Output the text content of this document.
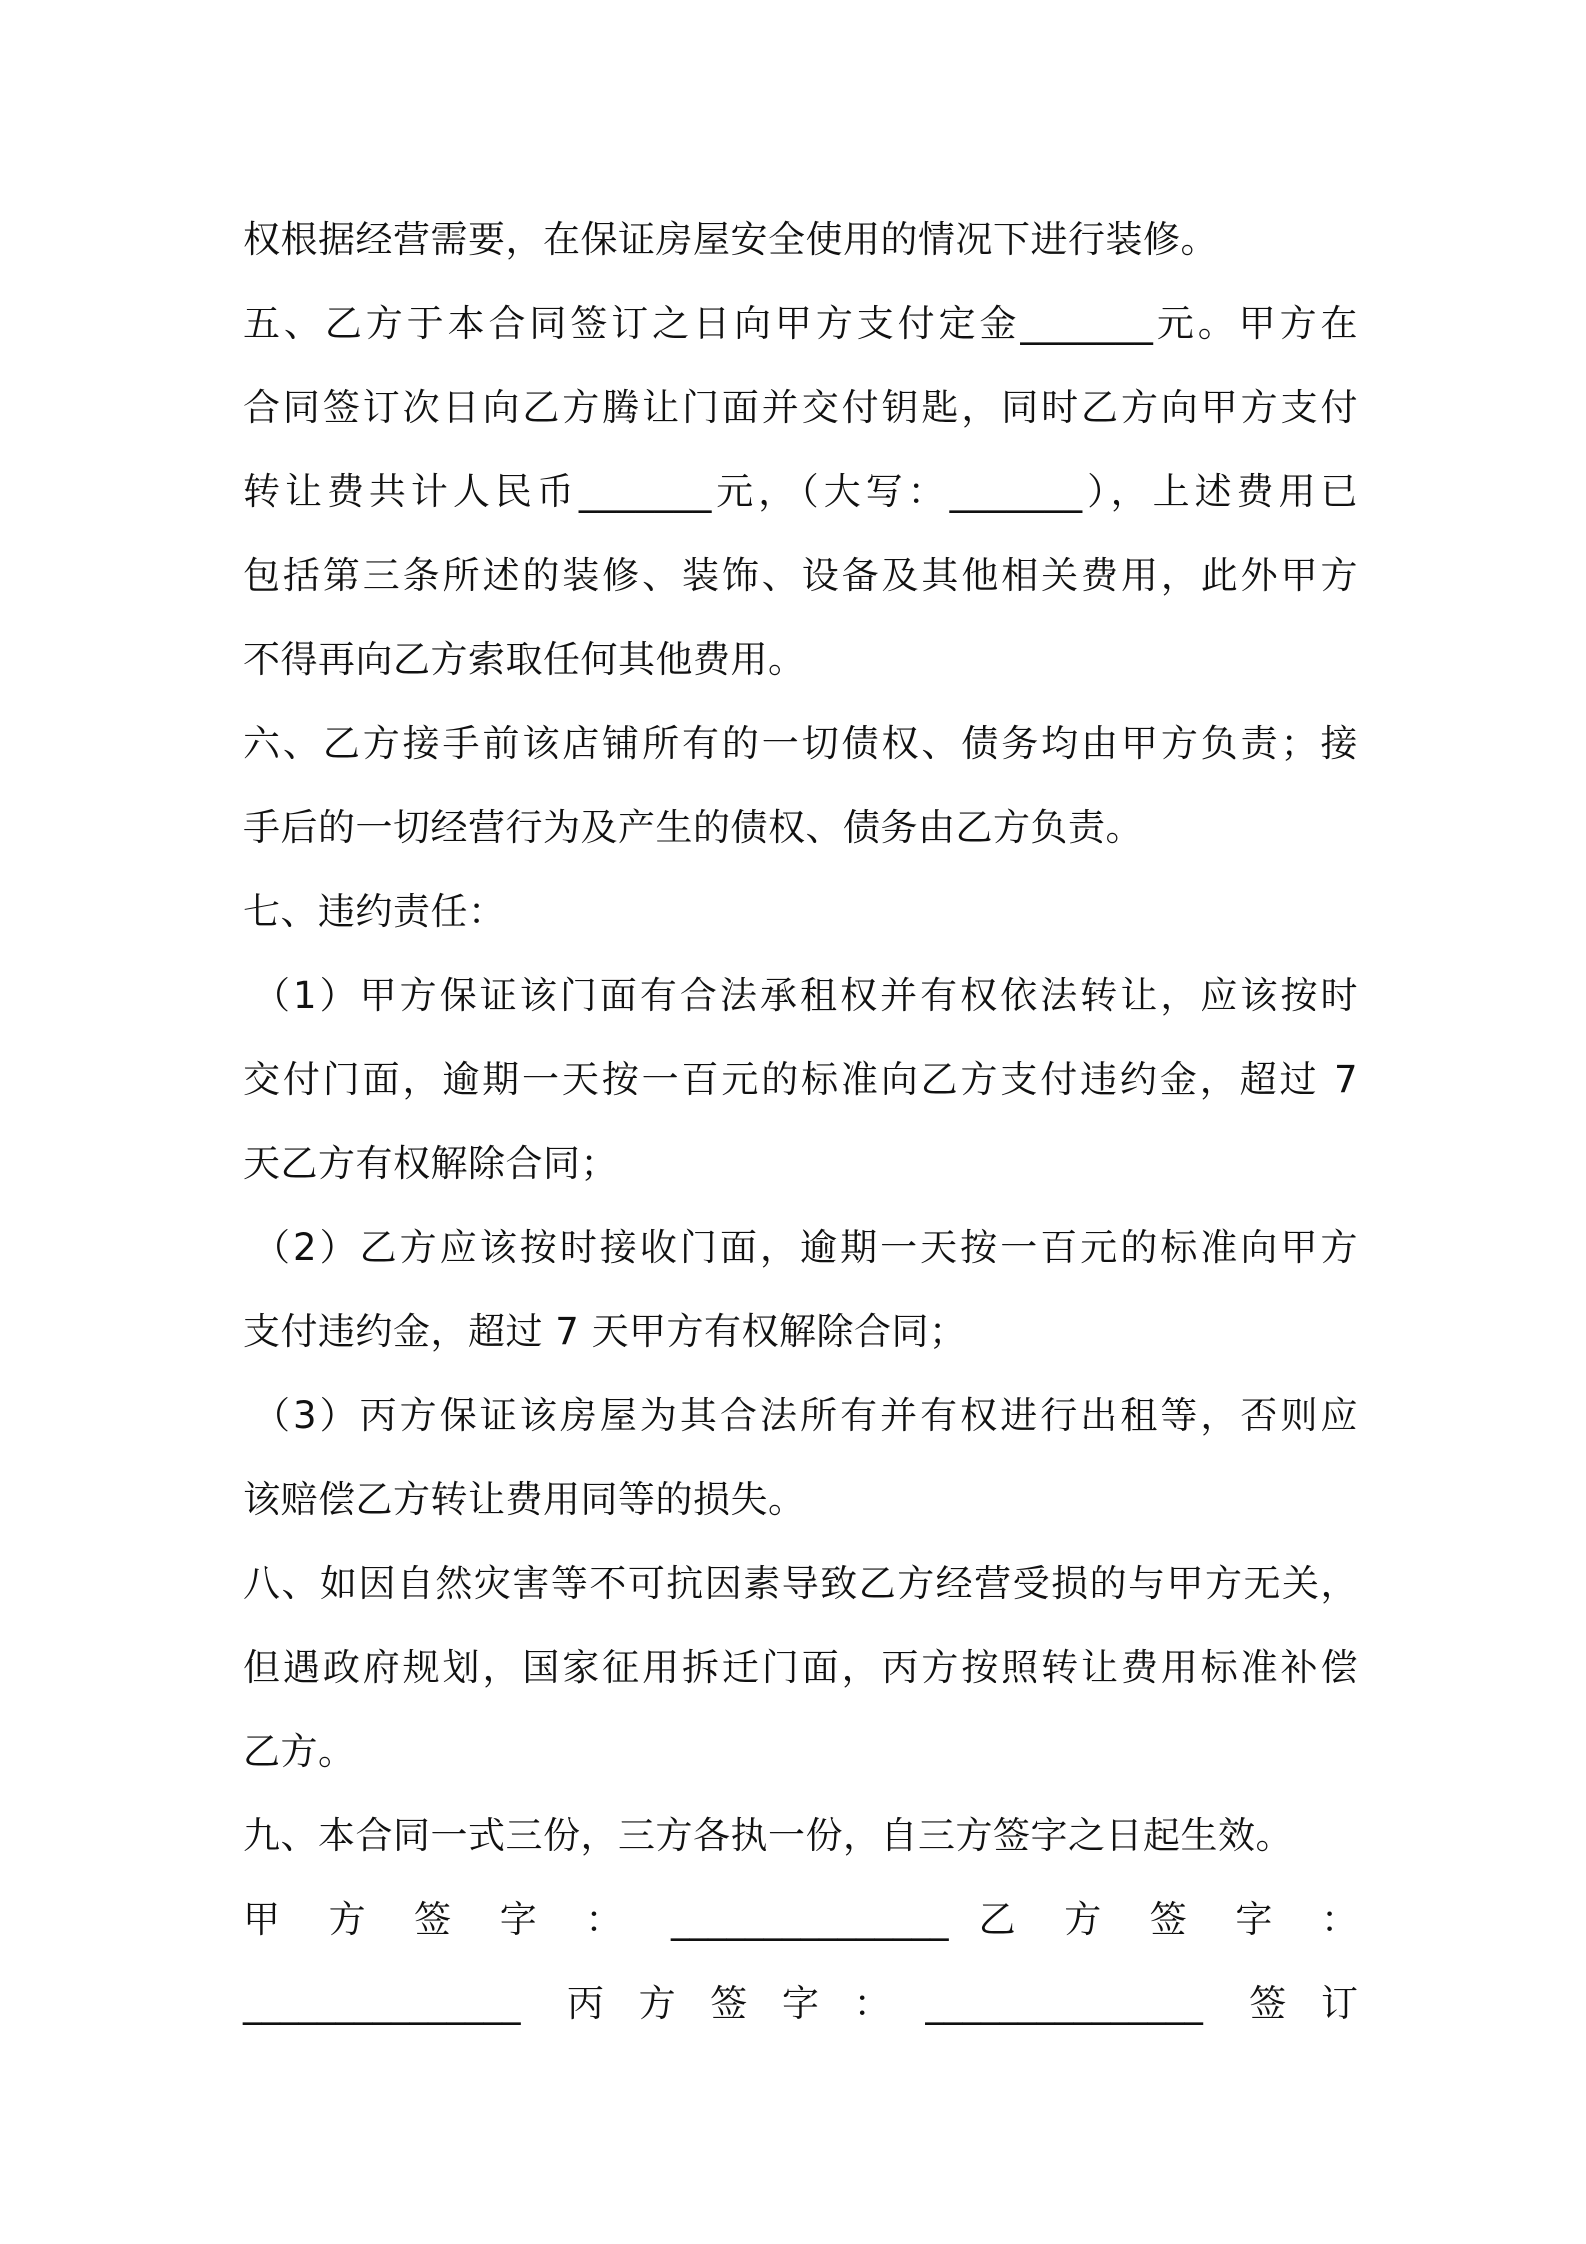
权根据经营需要，在保证房屋安全使用的情况下进行装修。
五、乙方于本合同签订之日向甲方支付定金_______元。甲方在
合同签订次日向乙方腾让门面并交付钥匙，同时乙方向甲方支付
转让费共计人民币_______元，（大写：_______），上述费用已
包括第三条所述的装修、装饰、设备及其他相关费用，此外甲方
不得再向乙方索取任何其他费用。
六、乙方接手前该店铺所有的一切债权、债务均由甲方负责；接
手后的一切经营行为及产生的债权、债务由乙方负责。
七、违约责任：
（1）甲方保证该门面有合法承租权并有权依法转让，应该按时
交付门面，逾期一天按一百元的标准向乙方支付违约金，超过 7
天乙方有权解除合同；
（2）乙方应该按时接收门面，逾期一天按一百元的标准向甲方
支付违约金，超过 7 天甲方有权解除合同；
（3）丙方保证该房屋为其合法所有并有权进行出租等，否则应
该赔偿乙方转让费用同等的损失。
八、如因自然灾害等不可抗因素导致乙方经营受损的与甲方无关，
但遇政府规划，国家征用拆迁门面，丙方按照转让费用标准补偿
乙方。
九、本合同一式三份，三方各执一份，自三方签字之日起生效。
甲 方 签 字 ： _______________ 乙 方 签 字 ：
_______________ 丙方签字：_______________ 签订
